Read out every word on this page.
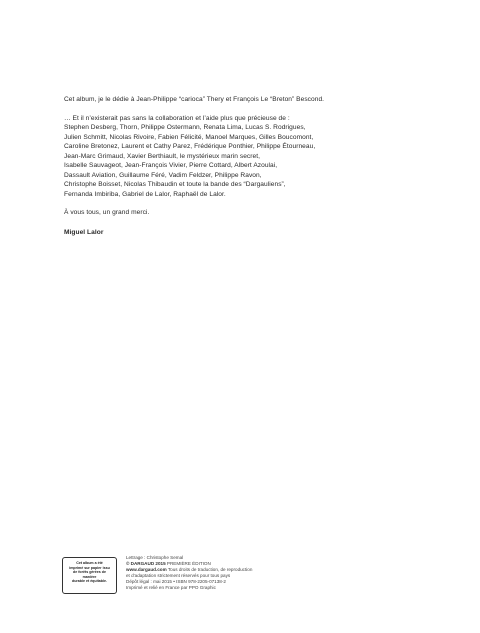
Cet album, je le dédie à Jean-Philippe “carioca” Thery et François Le “Breton” Bescond.

… Et il n’existerait pas sans la collaboration et l’aide plus que précieuse de :
Stephen Desberg, Thorn, Philippe Ostermann, Renata Lima, Lucas S. Rodrigues,
Julien Schmitt, Nicolas Rivoire, Fabien Félicité, Manoel Marques, Gilles Boucomont,
Caroline Bretonez, Laurent et Cathy Parez, Frédérique Ponthier, Philippe Étourneau,
Jean-Marc Grimaud, Xavier Berthiault, le mystérieux marin secret,
Isabelle Sauvageot, Jean-François Vivier, Pierre Cottard, Albert Azoulai,
Dassault Aviation, Guillaume Féré, Vadim Feldzer, Philippe Ravon,
Christophe Boisset, Nicolas Thibaudin et toute la bande des “Dargauliens”,
Fernanda Imbiriba, Gabriel de Lalor, Raphaël de Lalor.

À vous tous, un grand merci.

Miguel Lalor

Cet album a été
imprimé sur papier issu
de forêts gérées de
manière
durable et équitable.
Lettrage : Christophe Semal
© DARGAUD 2015 PREMIÈRE ÉDITION
www.dargaud.com Tous droits de traduction, de reproduction
et d’adaptation strictement réservés pour tous pays
Dépôt légal : mai 2015 • ISBN 978-2205-07138-2
Imprimé et relié en France par PPO Graphic
